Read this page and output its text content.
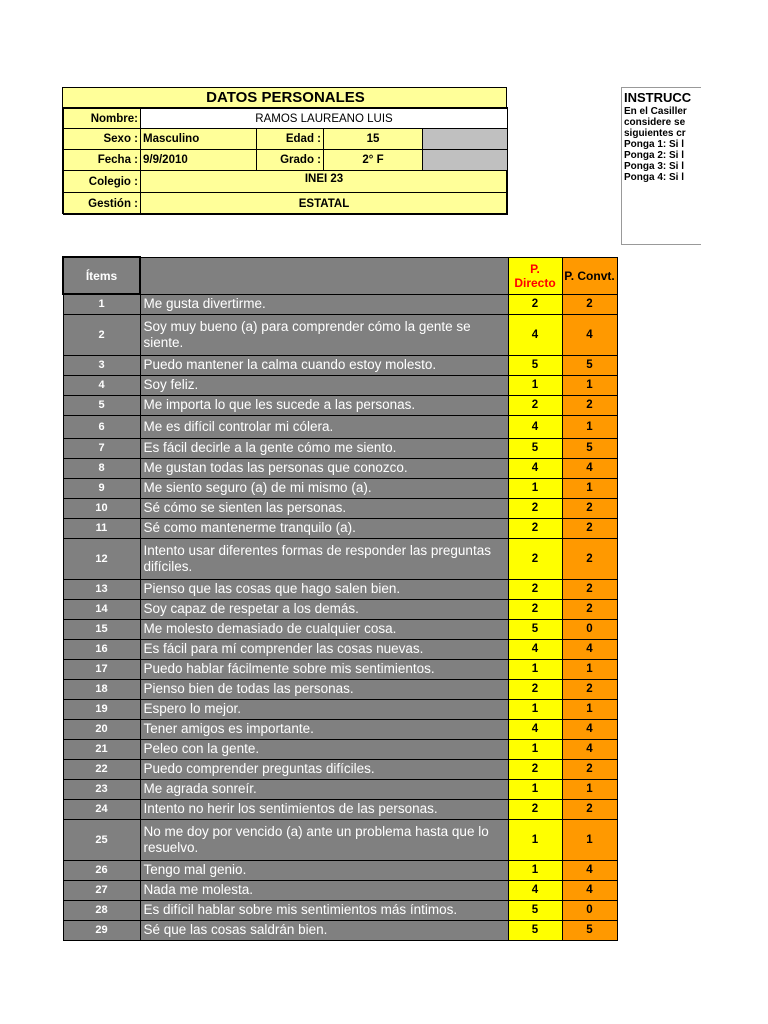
DATOS PERSONALES
Nombre:	RAMOS LAUREANO LUIS
Sexo : Masculino	Edad :	15
Fecha : 9/9/2010	Grado :	2° F
Colegio :	INEI 23
Gestión :	ESTATAL
INSTRUCC
En el Casiller
considere se
siguientes cr
Ponga 1: Si l
Ponga 2: Si l
Ponga 3: Si l
Ponga 4: Si l
Ítems		P. Directo	P. Convt.
1	Me gusta divertirme.	2	2
2	Soy muy bueno (a) para comprender cómo la gente se siente.	4	4
3	Puedo mantener la calma cuando estoy molesto.	5	5
4	Soy feliz.	1	1
5	Me importa lo que les sucede a las personas.	2	2
6	Me es difícil controlar mi cólera.	4	1
7	Es fácil decirle a la gente cómo me siento.	5	5
8	Me gustan todas las personas que conozco.	4	4
9	Me siento seguro (a) de mi mismo (a).	1	1
10	Sé cómo se sienten las personas.	2	2
11	Sé como mantenerme tranquilo (a).	2	2
12	Intento usar diferentes formas de responder las preguntas difíciles.	2	2
13	Pienso que las cosas que hago salen bien.	2	2
14	Soy capaz de respetar a los demás.	2	2
15	Me molesto demasiado de cualquier cosa.	5	0
16	Es fácil para mí comprender las cosas nuevas.	4	4
17	Puedo hablar fácilmente sobre mis sentimientos.	1	1
18	Pienso bien de todas las personas.	2	2
19	Espero lo mejor.	1	1
20	Tener amigos es importante.	4	4
21	Peleo con la gente.	1	4
22	Puedo comprender preguntas difíciles.	2	2
23	Me agrada sonreír.	1	1
24	Intento no herir los sentimientos de las personas.	2	2
25	No me doy por vencido (a) ante un problema hasta que lo resuelvo.	1	1
26	Tengo mal genio.	1	4
27	Nada me molesta.	4	4
28	Es difícil hablar sobre mis sentimientos más íntimos.	5	0
29	Sé que las cosas saldrán bien.	5	5
